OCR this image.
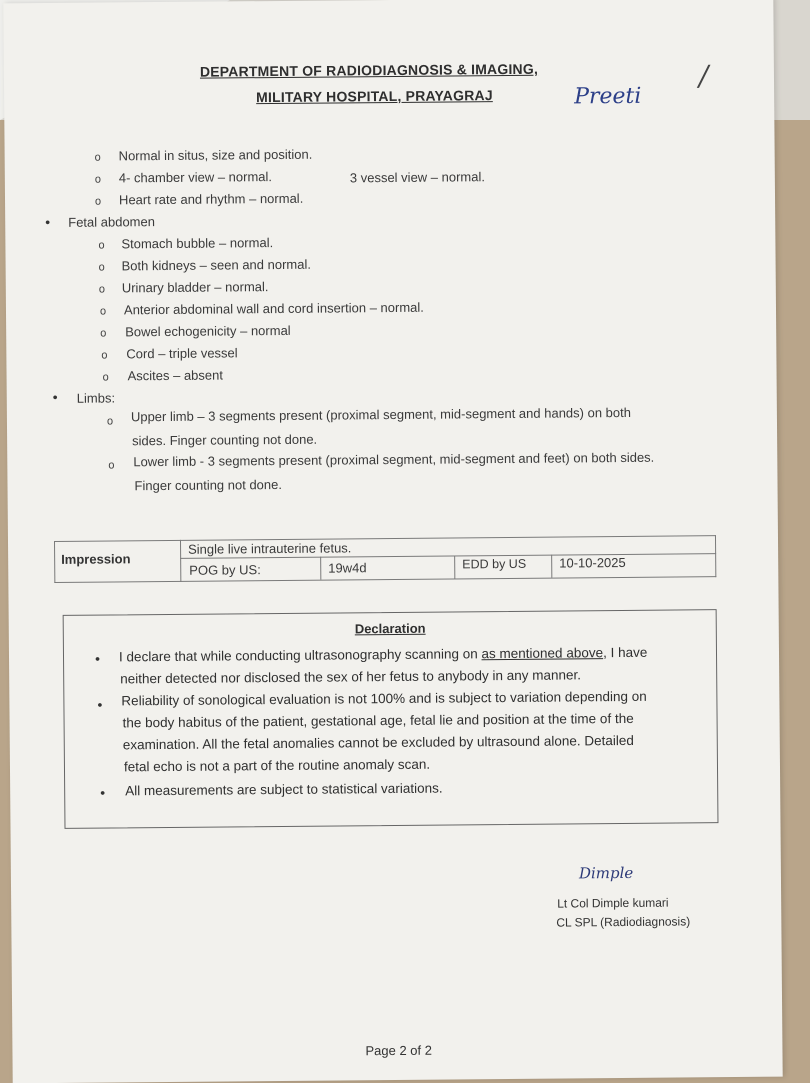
DEPARTMENT OF RADIODIAGNOSIS & IMAGING,
MILITARY HOSPITAL, PRAYAGRAJ	Preeti
/
o Normal in situs, size and position.
o 4- chamber view – normal.	3 vessel view – normal.
o Heart rate and rhythm – normal.
• Fetal abdomen
o Stomach bubble – normal.
o Both kidneys – seen and normal.
o Urinary bladder – normal.
o Anterior abdominal wall and cord insertion – normal.
o Bowel echogenicity – normal
o Cord – triple vessel
o Ascites – absent
• Limbs:
o Upper limb – 3 segments present (proximal segment, mid-segment and hands) on both
sides. Finger counting not done.
o Lower limb - 3 segments present (proximal segment, mid-segment and feet) on both sides.
Finger counting not done.
Impression
Single live intrauterine fetus.
POG by US:	19w4d	EDD by US	10-10-2025
Declaration
• I declare that while conducting ultrasonography scanning on as mentioned above, I have
neither detected nor disclosed the sex of her fetus to anybody in any manner.
• Reliability of sonological evaluation is not 100% and is subject to variation depending on
the body habitus of the patient, gestational age, fetal lie and position at the time of the
examination. All the fetal anomalies cannot be excluded by ultrasound alone. Detailed
fetal echo is not a part of the routine anomaly scan.
• All measurements are subject to statistical variations.
Dimple
Lt Col Dimple kumari
CL SPL (Radiodiagnosis)
Page 2 of 2
